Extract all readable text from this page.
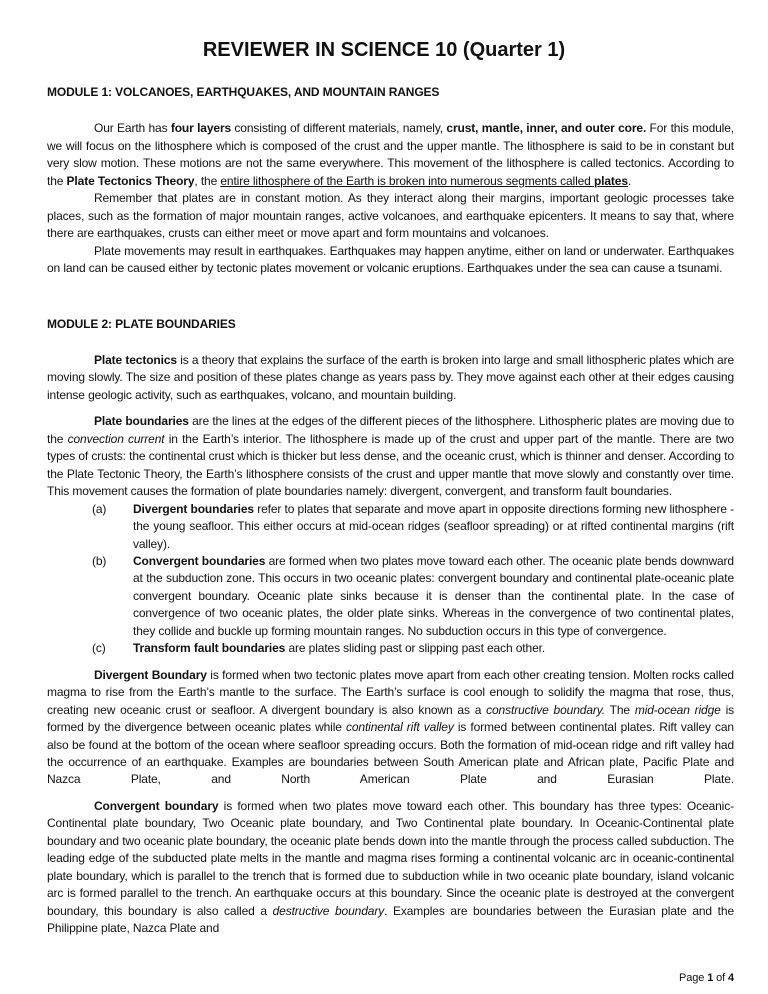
REVIEWER IN SCIENCE 10 (Quarter 1)
MODULE 1: VOLCANOES, EARTHQUAKES, AND MOUNTAIN RANGES

Our Earth has four layers consisting of different materials, namely, crust, mantle, inner, and outer core. For this module, we will focus on the lithosphere which is composed of the crust and the upper mantle. The lithosphere is said to be in constant but very slow motion. These motions are not the same everywhere. This movement of the lithosphere is called tectonics. According to the Plate Tectonics Theory, the entire lithosphere of the Earth is broken into numerous segments called plates.

Remember that plates are in constant motion. As they interact along their margins, important geologic processes take places, such as the formation of major mountain ranges, active volcanoes, and earthquake epicenters. It means to say that, where there are earthquakes, crusts can either meet or move apart and form mountains and volcanoes.

Plate movements may result in earthquakes. Earthquakes may happen anytime, either on land or underwater. Earthquakes on land can be caused either by tectonic plates movement or volcanic eruptions. Earthquakes under the sea can cause a tsunami.

MODULE 2: PLATE BOUNDARIES

Plate tectonics is a theory that explains the surface of the earth is broken into large and small lithospheric plates which are moving slowly. The size and position of these plates change as years pass by. They move against each other at their edges causing intense geologic activity, such as earthquakes, volcano, and mountain building.

Plate boundaries are the lines at the edges of the different pieces of the lithosphere. Lithospheric plates are moving due to the convection current in the Earth’s interior. The lithosphere is made up of the crust and upper part of the mantle. There are two types of crusts: the continental crust which is thicker but less dense, and the oceanic crust, which is thinner and denser. According to the Plate Tectonic Theory, the Earth’s lithosphere consists of the crust and upper mantle that move slowly and constantly over time. This movement causes the formation of plate boundaries namely: divergent, convergent, and transform fault boundaries.

(a) Divergent boundaries refer to plates that separate and move apart in opposite directions forming new lithosphere - the young seafloor. This either occurs at mid-ocean ridges (seafloor spreading) or at rifted continental margins (rift valley).
(b) Convergent boundaries are formed when two plates move toward each other. The oceanic plate bends downward at the subduction zone. This occurs in two oceanic plates: convergent boundary and continental plate-oceanic plate convergent boundary. Oceanic plate sinks because it is denser than the continental plate. In the case of convergence of two oceanic plates, the older plate sinks. Whereas in the convergence of two continental plates, they collide and buckle up forming mountain ranges. No subduction occurs in this type of convergence.
(c) Transform fault boundaries are plates sliding past or slipping past each other.

Divergent Boundary is formed when two tectonic plates move apart from each other creating tension. Molten rocks called magma to rise from the Earth’s mantle to the surface. The Earth’s surface is cool enough to solidify the magma that rose, thus, creating new oceanic crust or seafloor. A divergent boundary is also known as a constructive boundary. The mid-ocean ridge is formed by the divergence between oceanic plates while continental rift valley is formed between continental plates. Rift valley can also be found at the bottom of the ocean where seafloor spreading occurs. Both the formation of mid-ocean ridge and rift valley had the occurrence of an earthquake. Examples are boundaries between South American plate and African plate, Pacific Plate and Nazca Plate, and North American Plate and Eurasian Plate.

Convergent boundary is formed when two plates move toward each other. This boundary has three types: Oceanic-Continental plate boundary, Two Oceanic plate boundary, and Two Continental plate boundary. In Oceanic-Continental plate boundary and two oceanic plate boundary, the oceanic plate bends down into the mantle through the process called subduction. The leading edge of the subducted plate melts in the mantle and magma rises forming a continental volcanic arc in oceanic-continental plate boundary, which is parallel to the trench that is formed due to subduction while in two oceanic plate boundary, island volcanic arc is formed parallel to the trench. An earthquake occurs at this boundary. Since the oceanic plate is destroyed at the convergent boundary, this boundary is also called a destructive boundary. Examples are boundaries between the Eurasian plate and the Philippine plate, Nazca Plate and

Page 1 of 4
